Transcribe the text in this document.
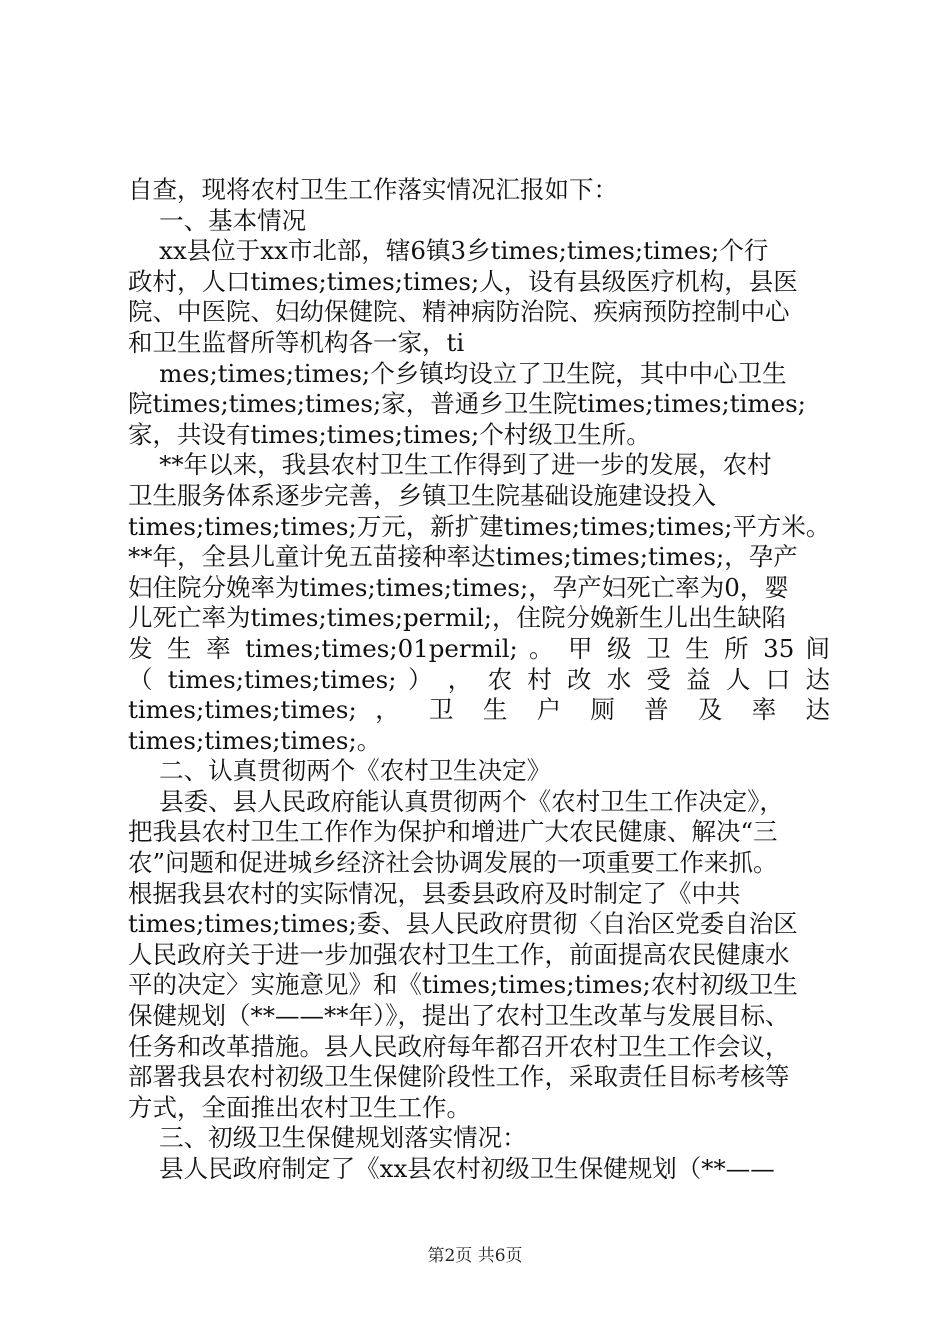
自查，现将农村卫生工作落实情况汇报如下：
一、基本情况
xx县位于xx市北部，辖6镇3乡times;times;times;个行
政村，人口times;times;times;人，设有县级医疗机构，县医
院、中医院、妇幼保健院、精神病防治院、疾病预防控制中心
和卫生监督所等机构各一家，ti
mes;times;times;个乡镇均设立了卫生院，其中中心卫生
院times;times;times;家，普通乡卫生院times;times;times;
家，共设有times;times;times;个村级卫生所。
**年以来，我县农村卫生工作得到了进一步的发展，农村
卫生服务体系逐步完善，乡镇卫生院基础设施建设投入
times;times;times;万元，新扩建times;times;times;平方米。
**年，全县儿童计免五苗接种率达times;times;times;，孕产
妇住院分娩率为times;times;times;，孕产妇死亡率为0，婴
儿死亡率为times;times;permil;，住院分娩新生儿出生缺陷
发 生 率 times;times;01permil; 。 甲 级 卫 生 所 35 间
（ times;times;times; ） ， 农 村 改 水 受 益 人 口 达
times;times;times; ， 卫 生 户 厕 普 及 率 达
times;times;times;。
二、认真贯彻两个《农村卫生决定》
县委、县人民政府能认真贯彻两个《农村卫生工作决定》，
把我县农村卫生工作作为保护和增进广大农民健康、解决“三
农”问题和促进城乡经济社会协调发展的一项重要工作来抓。
根据我县农村的实际情况，县委县政府及时制定了《中共
times;times;times;委、县人民政府贯彻〈自治区党委自治区
人民政府关于进一步加强农村卫生工作，前面提高农民健康水
平的决定〉实施意见》和《times;times;times;农村初级卫生
保健规划（**——**年）》，提出了农村卫生改革与发展目标、
任务和改革措施。县人民政府每年都召开农村卫生工作会议，
部署我县农村初级卫生保健阶段性工作，采取责任目标考核等
方式，全面推出农村卫生工作。
三、初级卫生保健规划落实情况：
县人民政府制定了《xx县农村初级卫生保健规划（**——
第2页 共6页
